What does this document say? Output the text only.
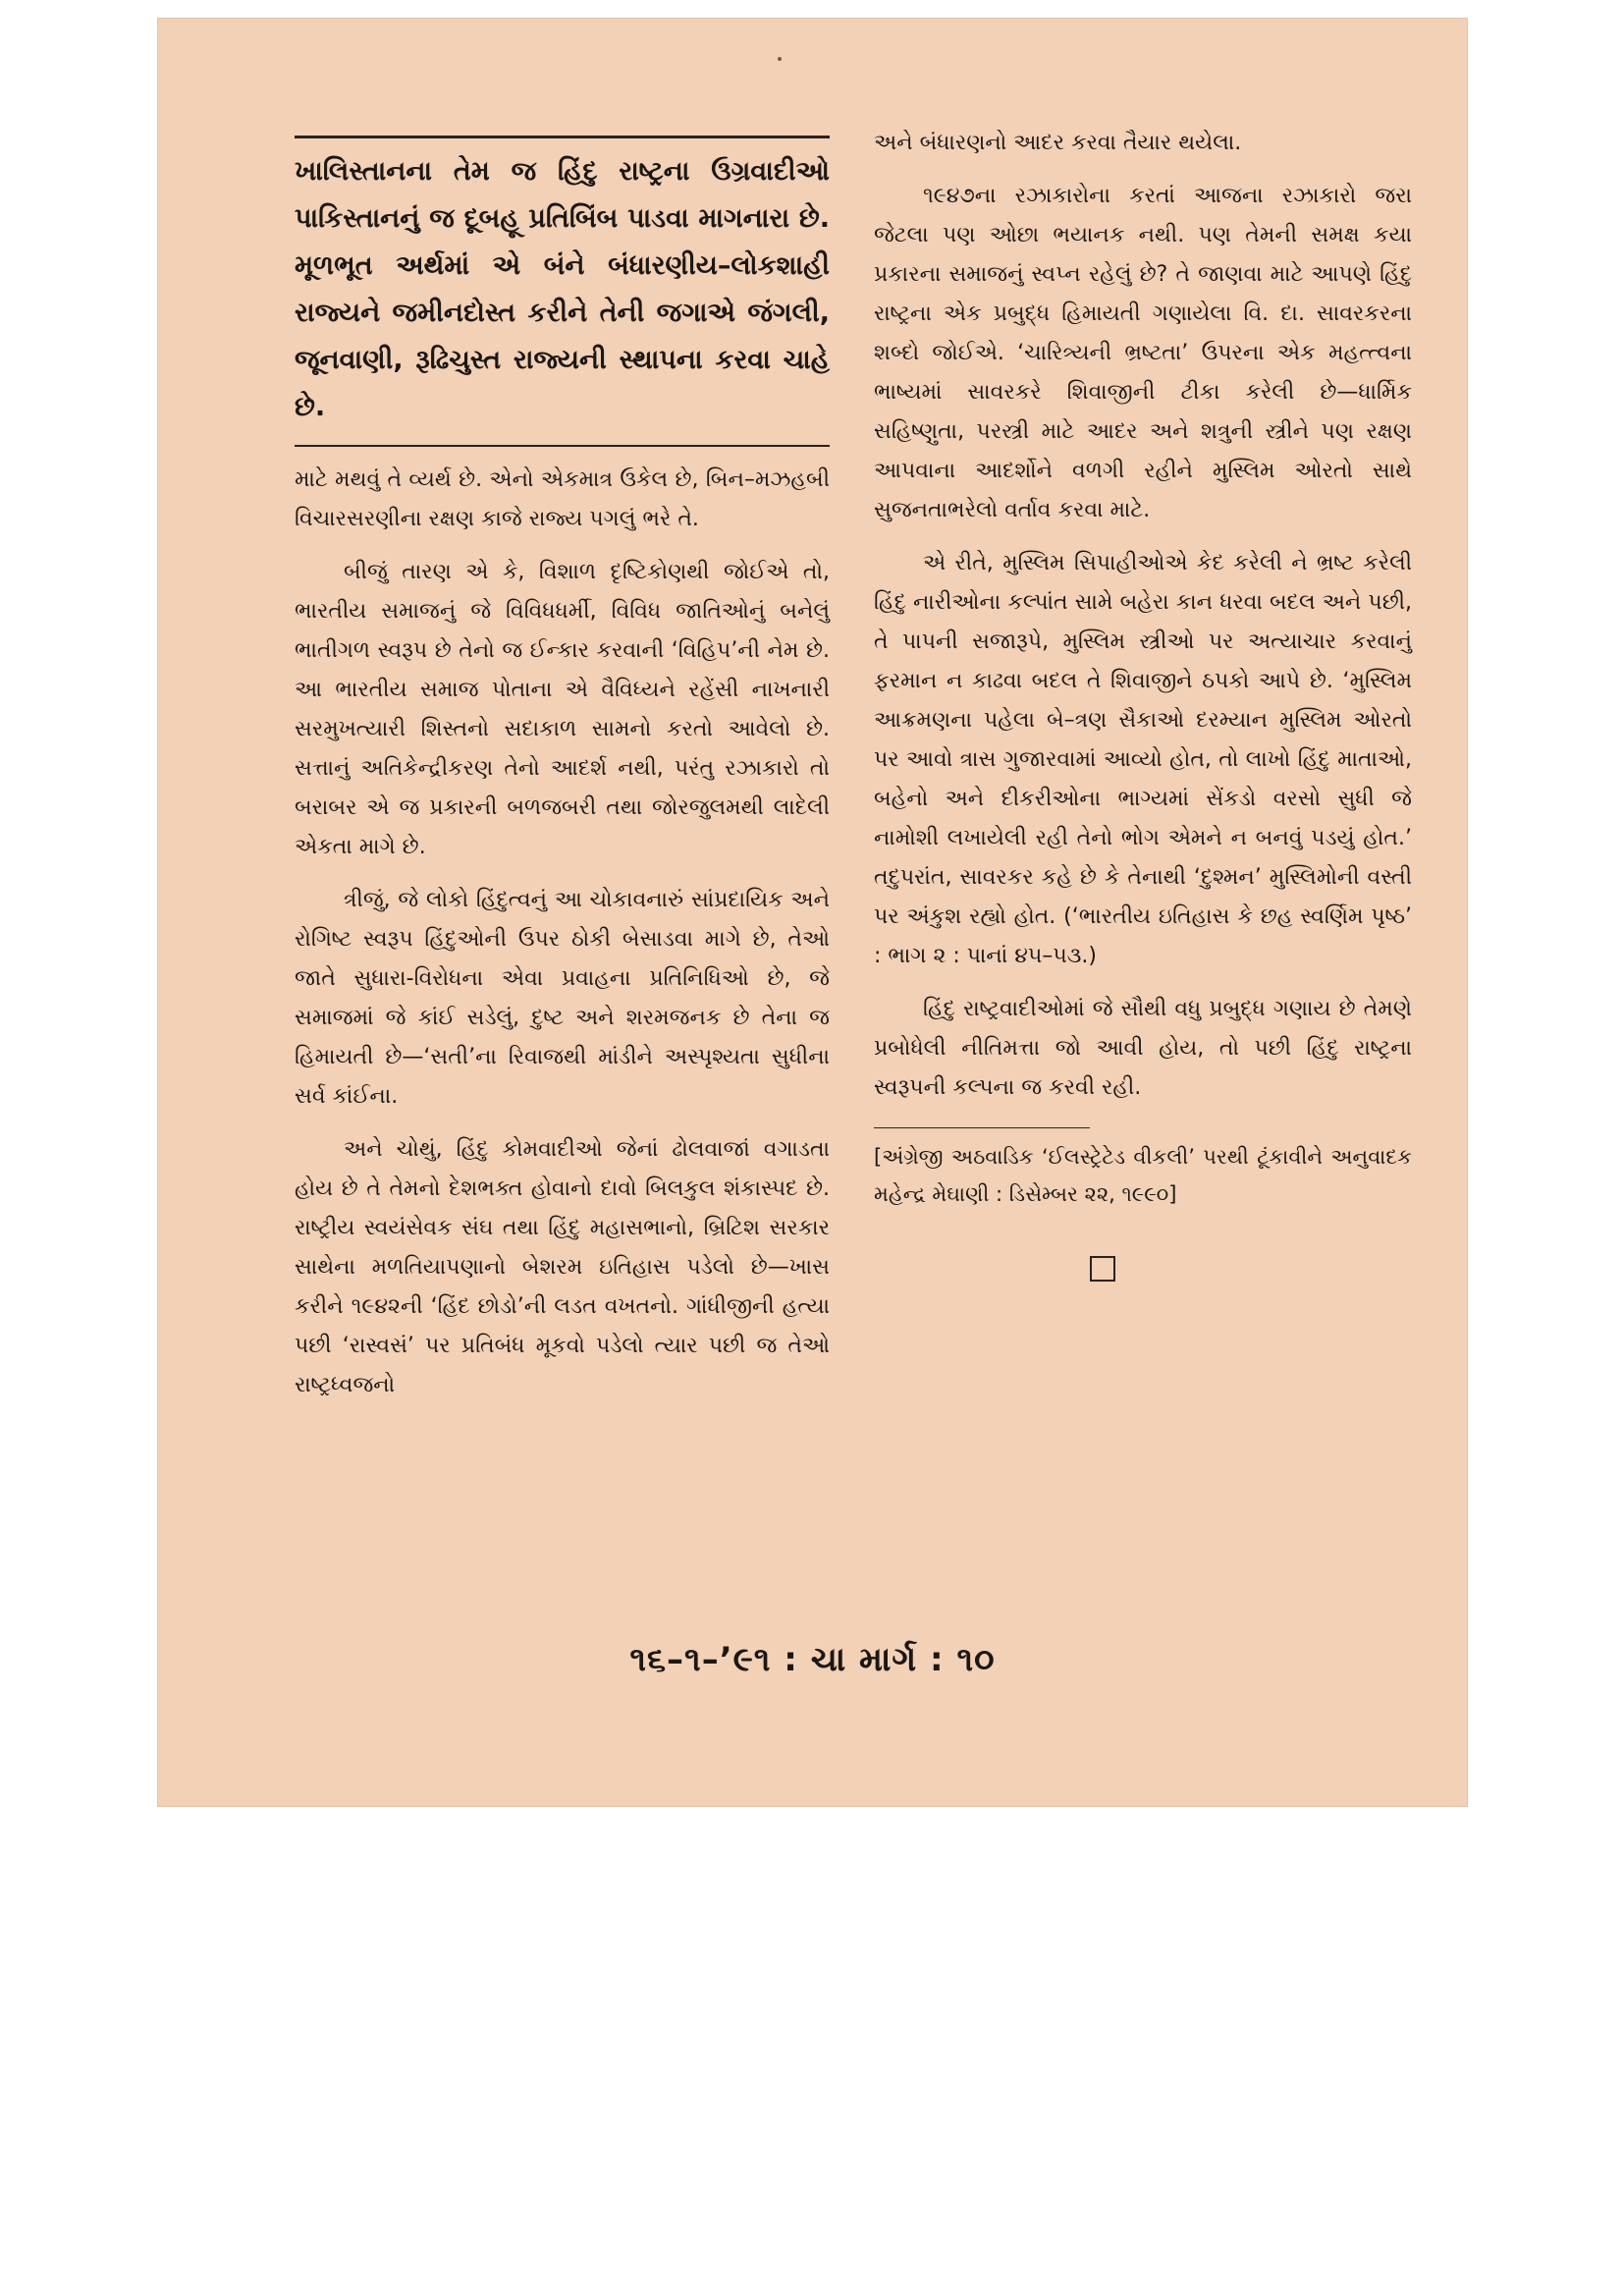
ખાલિસ્તાનના તેમ જ હિંદુ રાષ્ટ્રના ઉગ્રવાદીઓ પાકિસ્તાનનું જ દૂબહૂ પ્રતિબિંબ પાડવા માગનારા છે. મૂળભૂત અર્થમાં એ બંને બંધારણીય–લોકશાહી રાજ્યને જમીનદોસ્ત કરીને તેની જગાએ જંગલી, જૂનવાણી, રૂઢિચુસ્ત રાજ્યની સ્થાપના કરવા ચાહે છે.

માટે મથવું તે વ્યર્થ છે. એનો એકમાત્ર ઉકેલ છે, બિન–મઝહબી વિચારસરણીના રક્ષણ કાજે રાજ્ય પગલું ભરે તે.

બીજું તારણ એ કે, વિશાળ દૃષ્ટિકોણથી જોઈએ તો, ભારતીય સમાજનું જે વિવિધધર્મી, વિવિધ જાતિઓનું બનેલું ભાતીગળ સ્વરૂપ છે તેનો જ ઈન્કાર કરવાની ‘વિહિપ’ની નેમ છે. આ ભારતીય સમાજ પોતાના એ વૈવિધ્યને રહેંસી નાખનારી સરમુખત્યારી શિસ્તનો સદાકાળ સામનો કરતો આવેલો છે. સત્તાનું અતિકેન્દ્રીકરણ તેનો આદર્શ નથી, પરંતુ રઝાકારો તો બરાબર એ જ પ્રકારની બળજબરી તથા જોરજુલમથી લાદેલી એકતા માગે છે.

ત્રીજું, જે લોકો હિંદુત્વનું આ ચોકાવનારું સાંપ્રદાયિક અને રોગિષ્ટ સ્વરૂપ હિંદુઓની ઉપર ઠોકી બેસાડવા માગે છે, તેઓ જાતે સુધારા-વિરોધના એવા પ્રવાહના પ્રતિનિધિઓ છે, જે સમાજમાં જે કાંઈ સડેલું, દુષ્ટ અને શરમજનક છે તેના જ હિમાયતી છે—‘સતી’ના રિવાજથી માંડીને અસ્પૃશ્યતા સુધીના સર્વ કાંઈના.

અને ચોથું, હિંદુ કોમવાદીઓ જેનાં ઢોલવાજાં વગાડતા હોય છે તે તેમનો દેશભક્ત હોવાનો દાવો બિલકુલ શંકાસ્પદ છે. રાષ્ટ્રીય સ્વયંસેવક સંઘ તથા હિંદુ મહાસભાનો, બ્રિટિશ સરકાર સાથેના મળતિયાપણાનો બેશરમ ઇતિહાસ પડેલો છે—ખાસ કરીને ૧૯૪૨ની ‘હિંદ છોડો’ની લડત વખતનો. ગાંધીજીની હત્યા પછી ‘રાસ્વસં’ પર પ્રતિબંધ મૂકવો પડેલો ત્યાર પછી જ તેઓ રાષ્ટ્રધ્વજનો

અને બંધારણનો આદર કરવા તૈયાર થયેલા.

૧૯૪૭ના રઝાકારોના કરતાં આજના રઝાકારો જરા જેટલા પણ ઓછા ભયાનક નથી. પણ તેમની સમક્ષ કયા પ્રકારના સમાજનું સ્વપ્ન રહેલું છે? તે જાણવા માટે આપણે હિંદુ રાષ્ટ્રના એક પ્રબુદ્ધ હિમાયતી ગણાયેલા વિ. દા. સાવરકરના શબ્દો જોઈએ. ‘ચારિત્ર્યની ભ્રષ્ટતા’ ઉપરના એક મહત્ત્વના ભાષ્યમાં સાવરકરે શિવાજીની ટીકા કરેલી છે—ધાર્મિક સહિષ્ણુતા, પરસ્ત્રી માટે આદર અને શત્રુની સ્ત્રીને પણ રક્ષણ આપવાના આદર્શોને વળગી રહીને મુસ્લિમ ઓરતો સાથે સુજનતાભરેલો વર્તાવ કરવા માટે.

એ રીતે, મુસ્લિમ સિપાહીઓએ કેદ કરેલી ને ભ્રષ્ટ કરેલી હિંદુ નારીઓના કલ્પાંત સામે બહેરા કાન ધરવા બદલ અને પછી, તે પાપની સજારૂપે, મુસ્લિમ સ્ત્રીઓ પર અત્યાચાર કરવાનું ફરમાન ન કાઢવા બદલ તે શિવાજીને ઠપકો આપે છે. ‘મુસ્લિમ આક્રમણના પહેલા બે–ત્રણ સૈકાઓ દરમ્યાન મુસ્લિમ ઓરતો પર આવો ત્રાસ ગુજારવામાં આવ્યો હોત, તો લાખો હિંદુ માતાઓ, બહેનો અને દીકરીઓના ભાગ્યમાં સેંકડો વરસો સુધી જે નામોશી લખાયેલી રહી તેનો ભોગ એમને ન બનવું પડયું હોત.’ તદુપરાંત, સાવરકર કહે છે કે તેનાથી ‘દુશ્મન’ મુસ્લિમોની વસ્તી પર અંકુશ રહ્યો હોત. (‘ભારતીય ઇતિહાસ કે છહ સ્વર્ણિમ પૃષ્ઠ’ : ભાગ ૨ : પાનાં ૪૫–૫૩.)

હિંદુ રાષ્ટ્રવાદીઓમાં જે સૌથી વધુ પ્રબુદ્ધ ગણાય છે તેમણે પ્રબોધેલી નીતિમત્તા જો આવી હોય, તો પછી હિંદુ રાષ્ટ્રના સ્વરૂપની કલ્પના જ કરવી રહી.

[અંગ્રેજી અઠવાડિક ‘ઈલસ્ટ્રેટેડ વીકલી’ પરથી ટૂંકાવીને અનુવાદક મહેન્દ્ર મેઘાણી : ડિસેમ્બર ૨૨, ૧૯૯૦]

૧૬–૧–’૯૧ : ચા માર્ગ : ૧૦
